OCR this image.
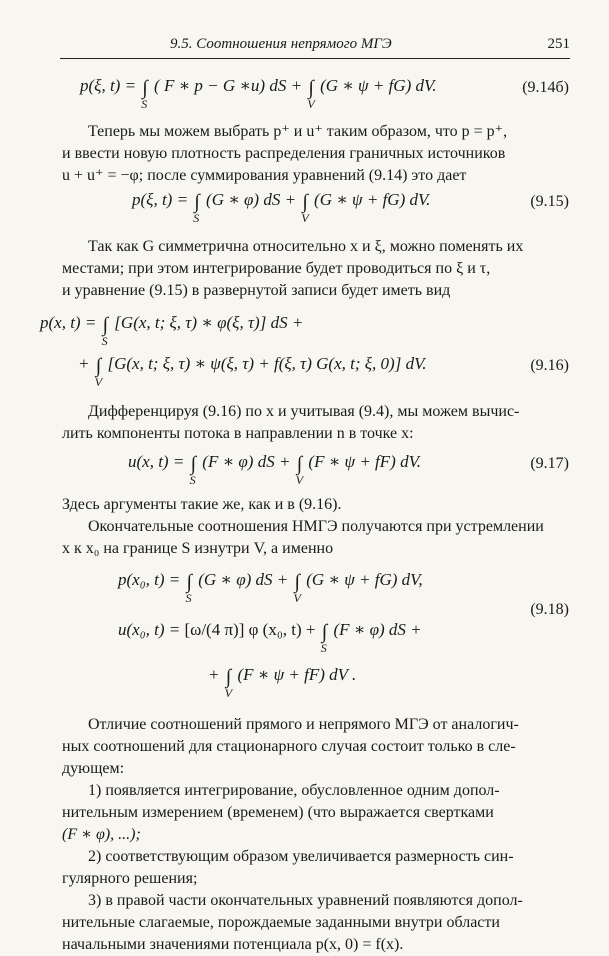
9.5. Соотношения непрямого МГЭ	251
p(ξ, t) = ∫
S
( F ∗ p − G ∗u) dS + ∫
V
(G ∗ ψ + fG) dV.	(9.14б)
Теперь мы можем выбрать p⁺ и u⁺ таким образом, что p = p⁺,
и ввести новую плотность распределения граничных источников
u + u⁺ = −φ; после суммирования уравнений (9.14) это дает
p(ξ, t) = ∫
S
(G ∗ φ) dS + ∫
V
(G ∗ ψ + fG) dV.	(9.15)
Так как G симметрична относительно x и ξ, можно поменять их
местами; при этом интегрирование будет проводиться по ξ и τ,
и уравнение (9.15) в развернутой записи будет иметь вид
p(x, t) = ∫
S
[G(x, t; ξ, τ) ∗ φ(ξ, τ)] dS +
+ ∫
V
[G(x, t; ξ, τ) ∗ ψ(ξ, τ) + f(ξ, τ) G(x, t; ξ, 0)] dV.	(9.16)
Дифференцируя (9.16) по x и учитывая (9.4), мы можем вычис-
лить компоненты потока в направлении n в точке x:
u(x, t) = ∫
S
(F ∗ φ) dS + ∫
V
(F ∗ ψ + fF) dV.	(9.17)
Здесь аргументы такие же, как и в (9.16).
Окончательные соотношения НМГЭ получаются при устремлении
x к x₀ на границе S изнутри V, а именно
p(x₀, t) = ∫
S
(G ∗ φ) dS + ∫
V
(G ∗ ψ + fG) dV,
u(x₀, t) = [ω/(4 π)] φ (x₀, t) + ∫
S
(F ∗ φ) dS +
+ ∫
V
(F ∗ ψ + fF) dV .
(9.18)
Отличие соотношений прямого и непрямого МГЭ от аналогич-
ных соотношений для стационарного случая состоит только в сле-
дующем:
1) появляется интегрирование, обусловленное одним допол-
нительным измерением (временем) (что выражается свертками
(F ∗ φ), ...);
2) соответствующим образом увеличивается размерность син-
гулярного решения;
3) в правой части окончательных уравнений появляются допол-
нительные слагаемые, порождаемые заданными внутри области
начальными значениями потенциала p(x, 0) = f(x).
